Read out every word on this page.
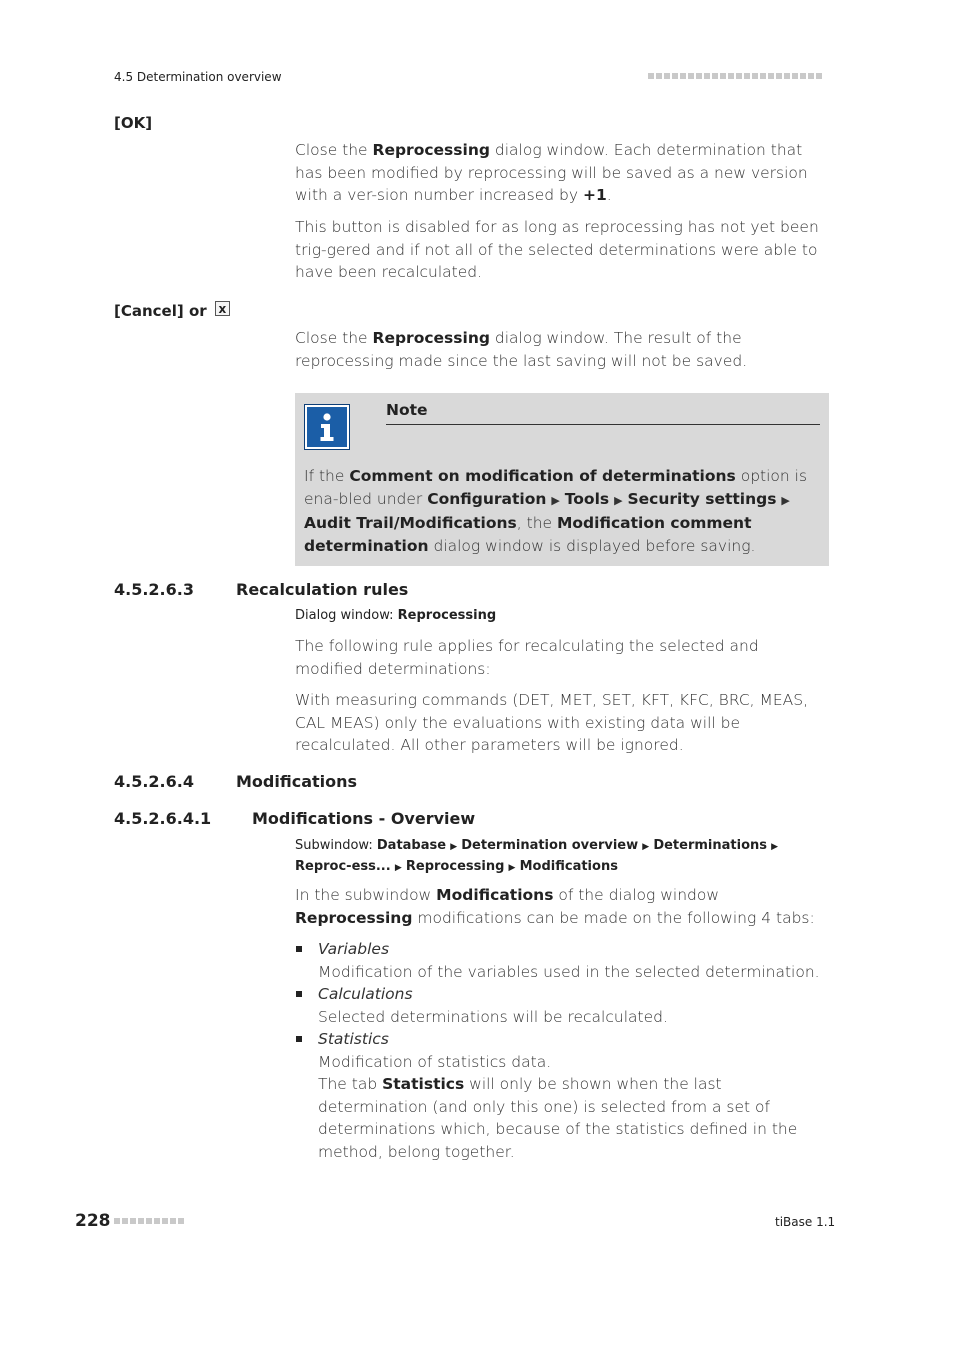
4.5 Determination overview
[OK]
Close the Reprocessing dialog window. Each determination that has been modified by reprocessing will be saved as a new version with a ver-sion number increased by +1.
This button is disabled for as long as reprocessing has not yet been trig-gered and if not all of the selected determinations were able to have been recalculated.
[Cancel] or x
Close the Reprocessing dialog window. The result of the reprocessing made since the last saving will not be saved.
Note
If the Comment on modification of determinations option is ena-bled under Configuration ▶ Tools ▶ Security settings ▶ Audit Trail/Modifications, the Modification comment determination dialog window is displayed before saving.
4.5.2.6.3	Recalculation rules
Dialog window: Reprocessing
The following rule applies for recalculating the selected and modified determinations:
With measuring commands (DET, MET, SET, KFT, KFC, BRC, MEAS, CAL MEAS) only the evaluations with existing data will be recalculated. All other parameters will be ignored.
4.5.2.6.4	Modifications
4.5.2.6.4.1	Modifications - Overview
Subwindow: Database ▶ Determination overview ▶ Determinations ▶ Reproc-ess... ▶ Reprocessing ▶ Modifications
In the subwindow Modifications of the dialog window Reprocessing modifications can be made on the following 4 tabs:
Variables
Modification of the variables used in the selected determination.
Calculations
Selected determinations will be recalculated.
Statistics
Modification of statistics data.
The tab Statistics will only be shown when the last determination (and only this one) is selected from a set of determinations which, because of the statistics defined in the method, belong together.
228	tiBase 1.1
